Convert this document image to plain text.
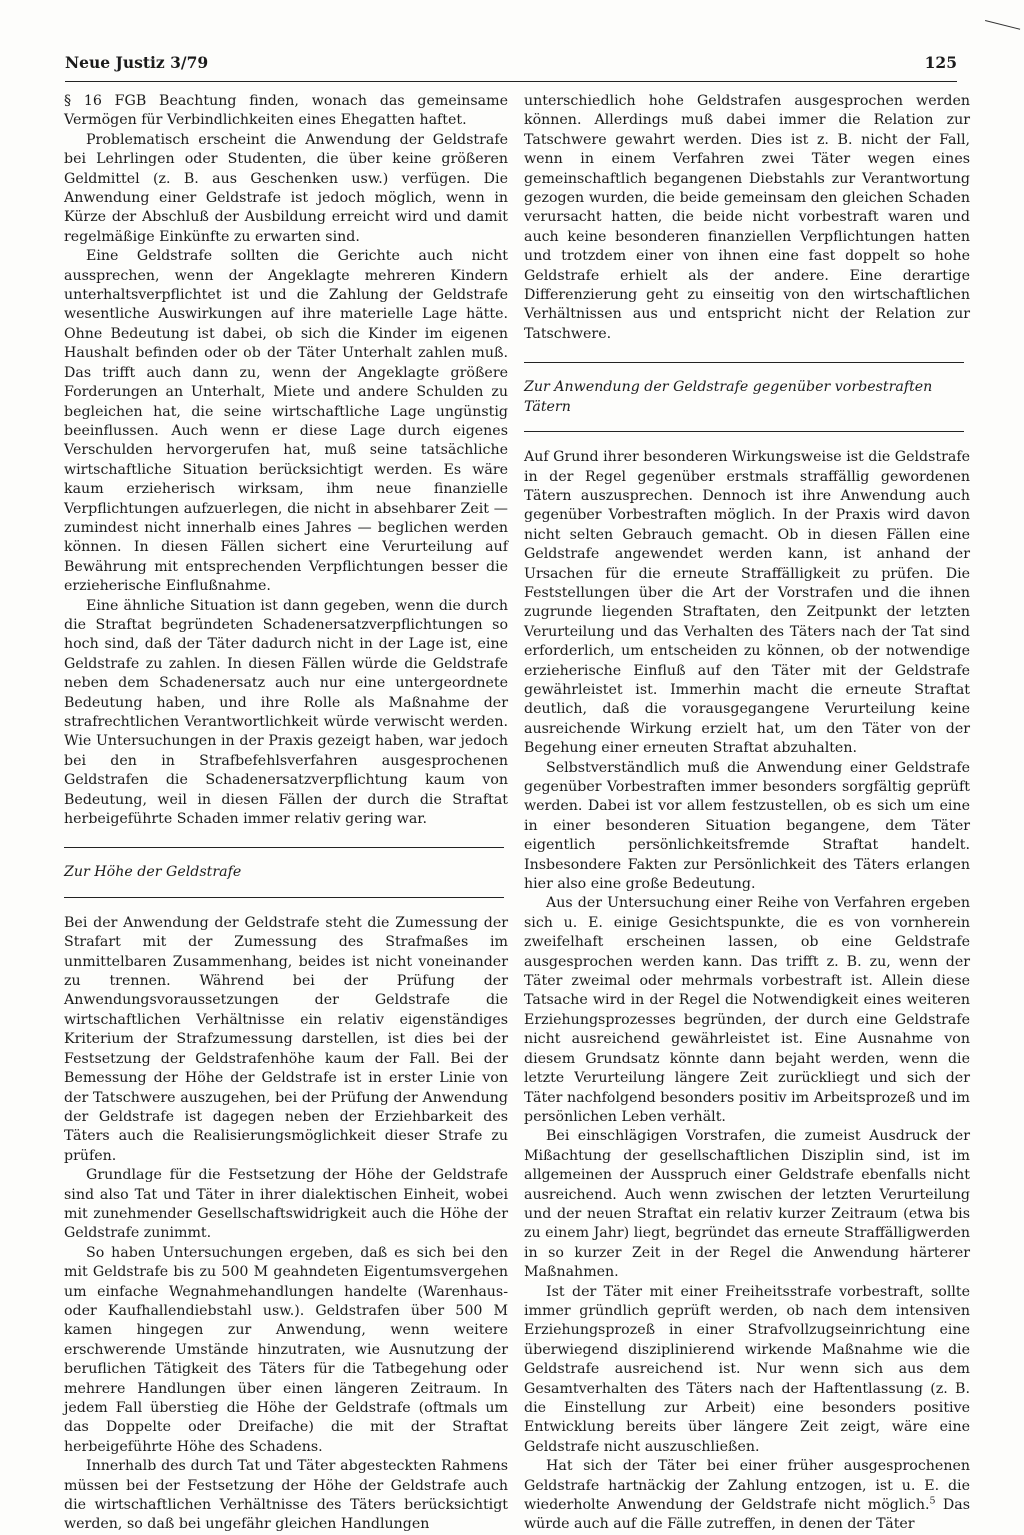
Neue Justiz 3/79	125

§ 16 FGB Beachtung finden, wonach das gemeinsame Vermögen für Verbindlichkeiten eines Ehegatten haftet.

Problematisch erscheint die Anwendung der Geldstrafe bei Lehrlingen oder Studenten, die über keine größeren Geldmittel (z. B. aus Geschenken usw.) verfügen. Die Anwendung einer Geldstrafe ist jedoch möglich, wenn in Kürze der Abschluß der Ausbildung erreicht wird und damit regelmäßige Einkünfte zu erwarten sind.

Eine Geldstrafe sollten die Gerichte auch nicht aussprechen, wenn der Angeklagte mehreren Kindern unterhaltsverpflichtet ist und die Zahlung der Geldstrafe wesentliche Auswirkungen auf ihre materielle Lage hätte. Ohne Bedeutung ist dabei, ob sich die Kinder im eigenen Haushalt befinden oder ob der Täter Unterhalt zahlen muß. Das trifft auch dann zu, wenn der Angeklagte größere Forderungen an Unterhalt, Miete und andere Schulden zu begleichen hat, die seine wirtschaftliche Lage ungünstig beeinflussen. Auch wenn er diese Lage durch eigenes Verschulden hervorgerufen hat, muß seine tatsächliche wirtschaftliche Situation berücksichtigt werden. Es wäre kaum erzieherisch wirksam, ihm neue finanzielle Verpflichtungen aufzuerlegen, die nicht in absehbarer Zeit — zumindest nicht innerhalb eines Jahres — beglichen werden können. In diesen Fällen sichert eine Verurteilung auf Bewährung mit entsprechenden Verpflichtungen besser die erzieherische Einflußnahme.

Eine ähnliche Situation ist dann gegeben, wenn die durch die Straftat begründeten Schadenersatzverpflichtungen so hoch sind, daß der Täter dadurch nicht in der Lage ist, eine Geldstrafe zu zahlen. In diesen Fällen würde die Geldstrafe neben dem Schadenersatz auch nur eine untergeordnete Bedeutung haben, und ihre Rolle als Maßnahme der strafrechtlichen Verantwortlichkeit würde verwischt werden. Wie Untersuchungen in der Praxis gezeigt haben, war jedoch bei den in Strafbefehlsverfahren ausgesprochenen Geldstrafen die Schadenersatzverpflichtung kaum von Bedeutung, weil in diesen Fällen der durch die Straftat herbeigeführte Schaden immer relativ gering war.

Zur Höhe der Geldstrafe

Bei der Anwendung der Geldstrafe steht die Zumessung der Strafart mit der Zumessung des Strafmaßes im unmittelbaren Zusammenhang, beides ist nicht voneinander zu trennen. Während bei der Prüfung der Anwendungsvoraussetzungen der Geldstrafe die wirtschaftlichen Verhältnisse ein relativ eigenständiges Kriterium der Strafzumessung darstellen, ist dies bei der Festsetzung der Geldstrafenhöhe kaum der Fall. Bei der Bemessung der Höhe der Geldstrafe ist in erster Linie von der Tatschwere auszugehen, bei der Prüfung der Anwendung der Geldstrafe ist dagegen neben der Erziehbarkeit des Täters auch die Realisierungsmöglichkeit dieser Strafe zu prüfen.

Grundlage für die Festsetzung der Höhe der Geldstrafe sind also Tat und Täter in ihrer dialektischen Einheit, wobei mit zunehmender Gesellschaftswidrigkeit auch die Höhe der Geldstrafe zunimmt.

So haben Untersuchungen ergeben, daß es sich bei den mit Geldstrafe bis zu 500 M geahndeten Eigentumsvergehen um einfache Wegnahmehandlungen handelte (Warenhaus- oder Kaufhallendiebstahl usw.). Geldstrafen über 500 M kamen hingegen zur Anwendung, wenn weitere erschwerende Umstände hinzutraten, wie Ausnutzung der beruflichen Tätigkeit des Täters für die Tatbegehung oder mehrere Handlungen über einen längeren Zeitraum. In jedem Fall überstieg die Höhe der Geldstrafe (oftmals um das Doppelte oder Dreifache) die mit der Straftat herbeigeführte Höhe des Schadens.

Innerhalb des durch Tat und Täter abgesteckten Rahmens müssen bei der Festsetzung der Höhe der Geldstrafe auch die wirtschaftlichen Verhältnisse des Täters berücksichtigt werden, so daß bei ungefähr gleichen Handlungen

unterschiedlich hohe Geldstrafen ausgesprochen werden können. Allerdings muß dabei immer die Relation zur Tatschwere gewahrt werden. Dies ist z. B. nicht der Fall, wenn in einem Verfahren zwei Täter wegen eines gemeinschaftlich begangenen Diebstahls zur Verantwortung gezogen wurden, die beide gemeinsam den gleichen Schaden verursacht hatten, die beide nicht vorbestraft waren und auch keine besonderen finanziellen Verpflichtungen hatten und trotzdem einer von ihnen eine fast doppelt so hohe Geldstrafe erhielt als der andere. Eine derartige Differenzierung geht zu einseitig von den wirtschaftlichen Verhältnissen aus und entspricht nicht der Relation zur Tatschwere.

Zur Anwendung der Geldstrafe gegenüber vorbestraften Tätern

Auf Grund ihrer besonderen Wirkungsweise ist die Geldstrafe in der Regel gegenüber erstmals straffällig gewordenen Tätern auszusprechen. Dennoch ist ihre Anwendung auch gegenüber Vorbestraften möglich. In der Praxis wird davon nicht selten Gebrauch gemacht. Ob in diesen Fällen eine Geldstrafe angewendet werden kann, ist anhand der Ursachen für die erneute Straffälligkeit zu prüfen. Die Feststellungen über die Art der Vorstrafen und die ihnen zugrunde liegenden Straftaten, den Zeitpunkt der letzten Verurteilung und das Verhalten des Täters nach der Tat sind erforderlich, um entscheiden zu können, ob der notwendige erzieherische Einfluß auf den Täter mit der Geldstrafe gewährleistet ist. Immerhin macht die erneute Straftat deutlich, daß die vorausgegangene Verurteilung keine ausreichende Wirkung erzielt hat, um den Täter von der Begehung einer erneuten Straftat abzuhalten.

Selbstverständlich muß die Anwendung einer Geldstrafe gegenüber Vorbestraften immer besonders sorgfältig geprüft werden. Dabei ist vor allem festzustellen, ob es sich um eine in einer besonderen Situation begangene, dem Täter eigentlich persönlichkeitsfremde Straftat handelt. Insbesondere Fakten zur Persönlichkeit des Täters erlangen hier also eine große Bedeutung.

Aus der Untersuchung einer Reihe von Verfahren ergeben sich u. E. einige Gesichtspunkte, die es von vornherein zweifelhaft erscheinen lassen, ob eine Geldstrafe ausgesprochen werden kann. Das trifft z. B. zu, wenn der Täter zweimal oder mehrmals vorbestraft ist. Allein diese Tatsache wird in der Regel die Notwendigkeit eines weiteren Erziehungsprozesses begründen, der durch eine Geldstrafe nicht ausreichend gewährleistet ist. Eine Ausnahme von diesem Grundsatz könnte dann bejaht werden, wenn die letzte Verurteilung längere Zeit zurückliegt und sich der Täter nachfolgend besonders positiv im Arbeitsprozeß und im persönlichen Leben verhält.

Bei einschlägigen Vorstrafen, die zumeist Ausdruck der Mißachtung der gesellschaftlichen Disziplin sind, ist im allgemeinen der Ausspruch einer Geldstrafe ebenfalls nicht ausreichend. Auch wenn zwischen der letzten Verurteilung und der neuen Straftat ein relativ kurzer Zeitraum (etwa bis zu einem Jahr) liegt, begründet das erneute Straffälligwerden in so kurzer Zeit in der Regel die Anwendung härterer Maßnahmen.

Ist der Täter mit einer Freiheitsstrafe vorbestraft, sollte immer gründlich geprüft werden, ob nach dem intensiven Erziehungsprozeß in einer Strafvollzugseinrichtung eine überwiegend disziplinierend wirkende Maßnahme wie die Geldstrafe ausreichend ist. Nur wenn sich aus dem Gesamtverhalten des Täters nach der Haftentlassung (z. B. die Einstellung zur Arbeit) eine besonders positive Entwicklung bereits über längere Zeit zeigt, wäre eine Geldstrafe nicht auszuschließen.

Hat sich der Täter bei einer früher ausgesprochenen Geldstrafe hartnäckig der Zahlung entzogen, ist u. E. die wiederholte Anwendung der Geldstrafe nicht möglich.$^5$ Das würde auch auf die Fälle zutreffen, in denen der Täter
